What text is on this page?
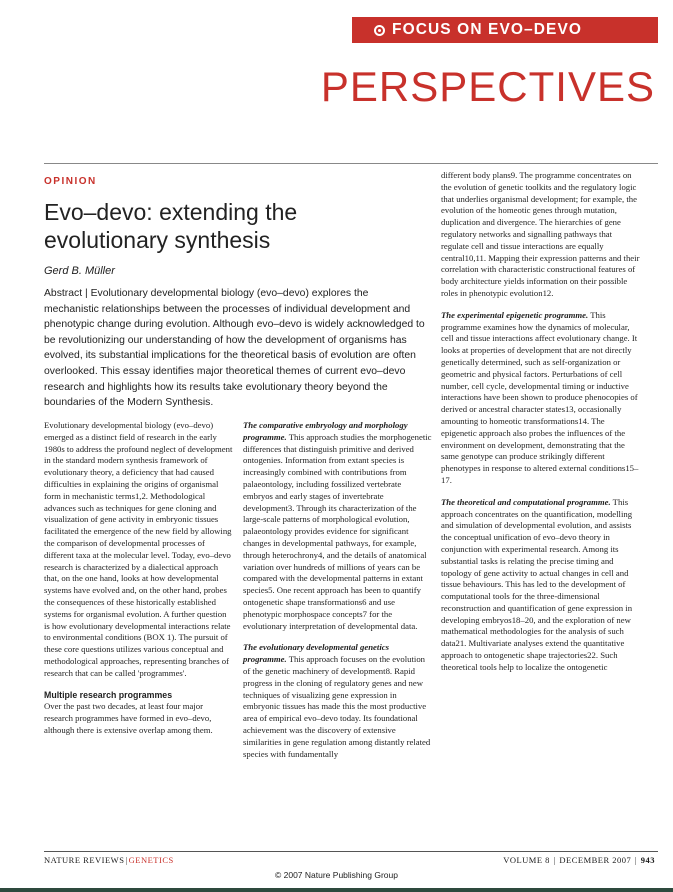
FOCUS ON EVO–DEVO
PERSPECTIVES
OPINION
Evo–devo: extending the evolutionary synthesis
Gerd B. Müller
Abstract | Evolutionary developmental biology (evo–devo) explores the mechanistic relationships between the processes of individual development and phenotypic change during evolution. Although evo–devo is widely acknowledged to be revolutionizing our understanding of how the development of organisms has evolved, its substantial implications for the theoretical basis of evolution are often overlooked. This essay identifies major theoretical themes of current evo–devo research and highlights how its results take evolutionary theory beyond the boundaries of the Modern Synthesis.

Evolutionary developmental biology (evo–devo) emerged as a distinct field of research in the early 1980s to address the profound neglect of development in the standard modern synthesis framework of evolutionary theory, a deficiency that had caused difficulties in explaining the origins of organismal form in mechanistic terms1,2. Methodological advances such as techniques for gene cloning and visualization of gene activity in embryonic tissues facilitated the emergence of the new field by allowing the comparison of developmental processes of different taxa at the molecular level. Today, evo–devo research is characterized by a dialectical approach that, on the one hand, looks at how developmental systems have evolved and, on the other hand, probes the consequences of these historically established systems for organismal evolution. A further question is how evolutionary developmental interactions relate to environmental conditions (BOX 1). The pursuit of these core questions utilizes various conceptual and methodological approaches, representing branches of research that can be called 'programmes'.

Multiple research programmes

Over the past two decades, at least four major research programmes have formed in evo–devo, although there is extensive overlap among them.

The comparative embryology and morphology programme. This approach studies the morphogenetic differences that distinguish primitive and derived ontogenies. Information from extant species is increasingly combined with contributions from palaeontology, including fossilized vertebrate embryos and early stages of invertebrate development3. Through its characterization of the large-scale patterns of morphological evolution, palaeontology provides evidence for significant changes in developmental pathways, for example, through heterochrony4, and the details of anatomical variation over hundreds of millions of years can be compared with the developmental patterns in extant species5. One recent approach has been to quantify ontogenetic shape transformations6 and use phenotypic morphospace concepts7 for the evolutionary interpretation of developmental data.

The evolutionary developmental genetics programme. This approach focuses on the evolution of the genetic machinery of development8. Rapid progress in the cloning of regulatory genes and new techniques of visualizing gene expression in embryonic tissues has made this the most productive area of empirical evo–devo today. Its foundational achievement was the discovery of extensive similarities in gene regulation among distantly related species with fundamentally

different body plans9. The programme concentrates on the evolution of genetic toolkits and the regulatory logic that underlies organismal development; for example, the evolution of the homeotic genes through mutation, duplication and divergence. The hierarchies of gene regulatory networks and signalling pathways that regulate cell and tissue interactions are equally central10,11. Mapping their expression patterns and their correlation with characteristic constructional features of body architecture yields information on their possible roles in phenotypic evolution12.

The experimental epigenetic programme. This programme examines how the dynamics of molecular, cell and tissue interactions affect evolutionary change. It looks at properties of development that are not directly genetically determined, such as self-organization or geometric and physical factors. Perturbations of cell number, cell cycle, developmental timing or inductive interactions have been shown to produce phenocopies of derived or ancestral character states13, occasionally amounting to homeotic transformations14. The epigenetic approach also probes the influences of the environment on development, demonstrating that the same genotype can produce strikingly different phenotypes in response to altered external conditions15–17.

The theoretical and computational programme. This approach concentrates on the quantification, modelling and simulation of developmental evolution, and assists the conceptual unification of evo–devo theory in conjunction with experimental research. Among its substantial tasks is relating the precise timing and topology of gene activity to actual changes in cell and tissue behaviours. This has led to the development of computational tools for the three-dimensional reconstruction and quantification of gene expression in developing embryos18–20, and the exploration of new mathematical methodologies for the analysis of such data21. Multivariate analyses extend the quantitative approach to ontogenetic shape trajectories22. Such theoretical tools help to localize the ontogenetic

NATURE REVIEWS|GENETICS	VOLUME 8 | DECEMBER 2007 | 943
© 2007 Nature Publishing Group
